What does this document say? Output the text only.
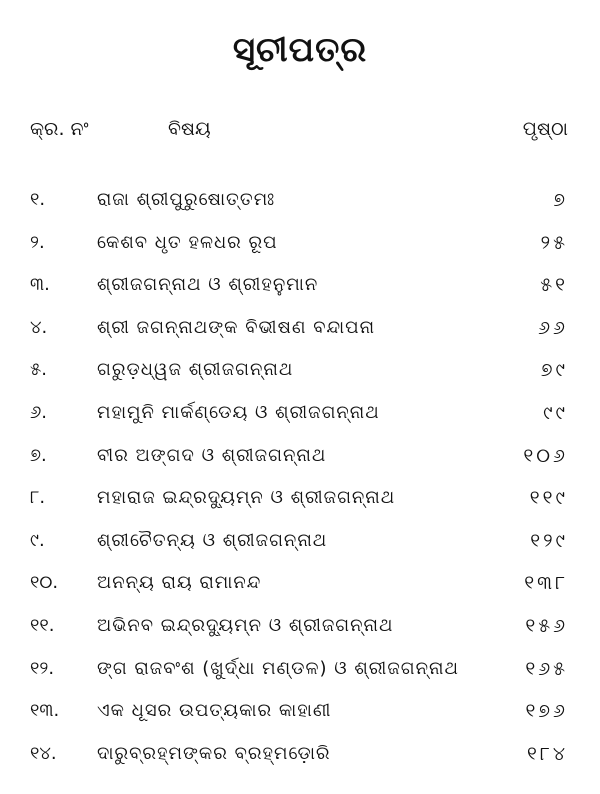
ସୂଚୀପତ୍ର
କ୍ର. ନଂ	ବିଷୟ	ପୃଷ୍ଠା
୧.	ରାଜା ଶ୍ରୀପୁରୁଷୋତ୍ତମଃ	୭
୨.	କେଶବ ଧୃତ ହଳଧର ରୂପ	୨୫
୩.	ଶ୍ରୀଜଗନ୍ନାଥ ଓ ଶ୍ରୀହନୁମାନ	୫୧
୪.	ଶ୍ରୀ ଜଗନ୍ନାଥଙ୍କ ବିଭୀଷଣ ବନ୍ଦାପନା	୬୬
୫.	ଗରୁଡ଼ଧ୍ୱଜ ଶ୍ରୀଜଗନ୍ନାଥ	୭୯
୬.	ମହାମୁନି ମାର୍କଣ୍ଡେୟ ଓ ଶ୍ରୀଜଗନ୍ନାଥ	୯୯
୭.	ବୀର ଅଙ୍ଗଦ ଓ ଶ୍ରୀଜଗନ୍ନାଥ	୧୦୬
୮.	ମହାରାଜ ଇନ୍ଦ୍ରଦ୍ୟୁମ୍ନ ଓ ଶ୍ରୀଜଗନ୍ନାଥ	୧୧୯
୯.	ଶ୍ରୀଚୈତନ୍ୟ ଓ ଶ୍ରୀଜଗନ୍ନାଥ	୧୨୯
୧୦. ଅନନ୍ୟ ରାୟ ରାମାନନ୍ଦ	୧୩୮
୧୧. ଅଭିନବ ଇନ୍ଦ୍ରଦ୍ୟୁମ୍ନ ଓ ଶ୍ରୀଜଗନ୍ନାଥ	୧୫୬
୧୨. ଙ୍ଗ ରାଜବଂଶ (ଖୁର୍ଦ୍ଧା ମଣ୍ଡଳ) ଓ ଶ୍ରୀଜଗନ୍ନାଥ	୧୬୫
୧୩. ଏକ ଧୂସର ଉପତ୍ୟକାର କାହାଣୀ	୧୭୬
୧୪. ଦାରୁବ୍ରହ୍ମଙ୍କର ବ୍ରହ୍ମଡ଼ୋରି	୧୮୪
